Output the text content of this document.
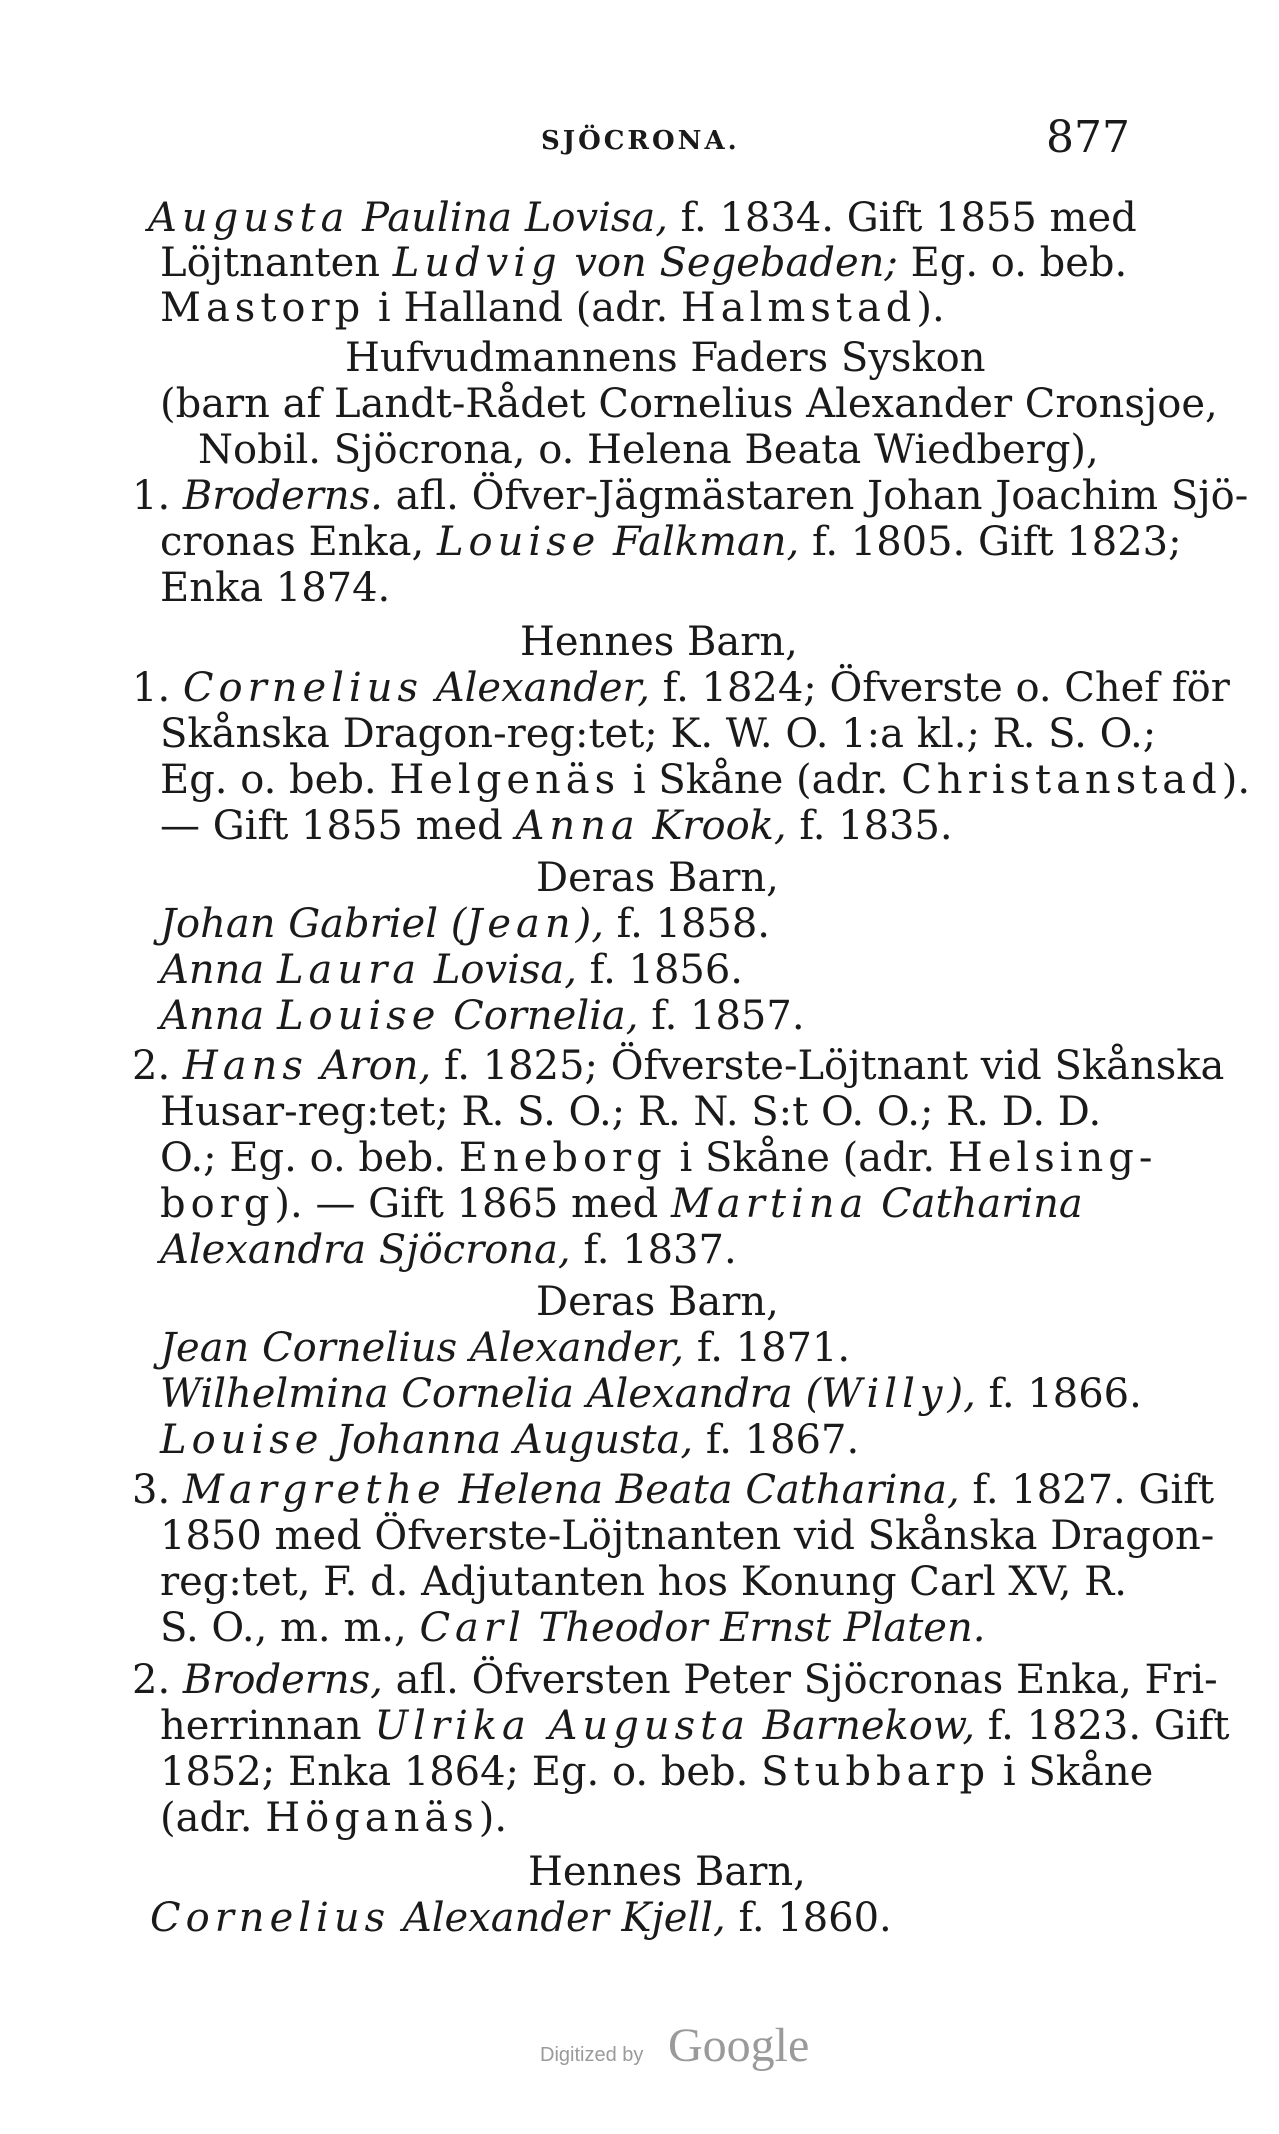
SJÖCRONA.	877
Augusta Paulina Lovisa, f. 1834. Gift 1855 med
Löjtnanten Ludvig von Segebaden; Eg. o. beb.
Mastorp i Halland (adr. Halmstad).
Hufvudmannens Faders Syskon
(barn af Landt-Rådet Cornelius Alexander Cronsjoe,
Nobil. Sjöcrona, o. Helena Beata Wiedberg),
1. Broderns. afl. Öfver-Jägmästaren Johan Joachim Sjö-
cronas Enka, Louise Falkman, f. 1805. Gift 1823;
Enka 1874.
Hennes Barn,
1. Cornelius Alexander, f. 1824; Öfverste o. Chef för
Skånska Dragon-reg:tet; K. W. O. 1:a kl.; R. S. O.;
Eg. o. beb. Helgenäs i Skåne (adr. Christanstad).
— Gift 1855 med Anna Krook, f. 1835.
Deras Barn,
Johan Gabriel (Jean), f. 1858.
Anna Laura Lovisa, f. 1856.
Anna Louise Cornelia, f. 1857.
2. Hans Aron, f. 1825; Öfverste-Löjtnant vid Skånska
Husar-reg:tet; R. S. O.; R. N. S:t O. O.; R. D. D.
O.; Eg. o. beb. Eneborg i Skåne (adr. Helsing-
borg). — Gift 1865 med Martina Catharina
Alexandra Sjöcrona, f. 1837.
Deras Barn,
Jean Cornelius Alexander, f. 1871.
Wilhelmina Cornelia Alexandra (Willy), f. 1866.
Louise Johanna Augusta, f. 1867.
3. Margrethe Helena Beata Catharina, f. 1827. Gift
1850 med Öfverste-Löjtnanten vid Skånska Dragon-
reg:tet, F. d. Adjutanten hos Konung Carl XV, R.
S. O., m. m., Carl Theodor Ernst Platen.
2. Broderns, afl. Öfversten Peter Sjöcronas Enka, Fri-
herrinnan Ulrika Augusta Barnekow, f. 1823. Gift
1852; Enka 1864; Eg. o. beb. Stubbarp i Skåne
(adr. Höganäs).
Hennes Barn,
Cornelius Alexander Kjell, f. 1860.
Digitized by Google
